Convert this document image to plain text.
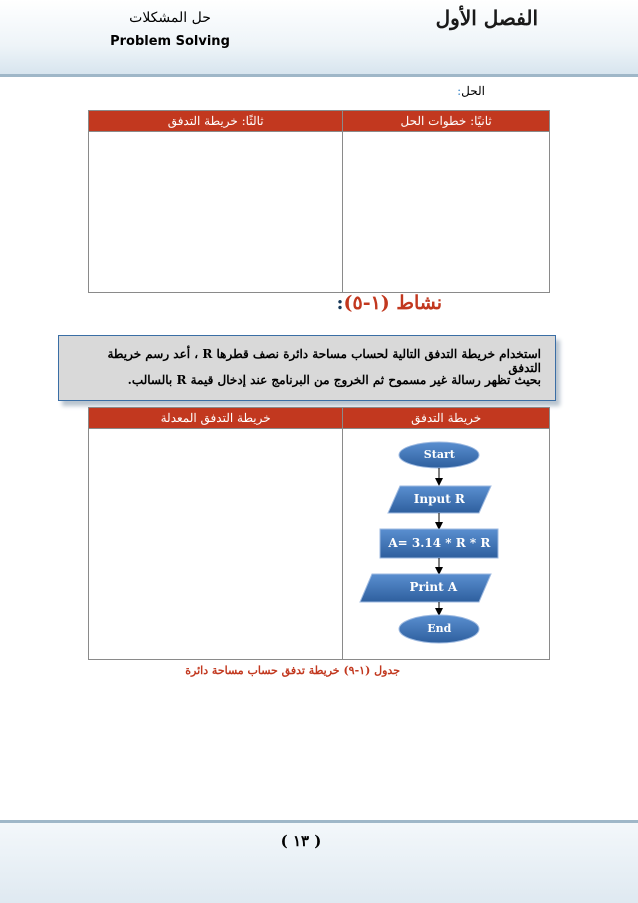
الفصل الأول
حل المشكلات
Problem Solving
الحل:
ثالثًا: خريطة التدفق	ثانيًا: خطوات الحل

نشاط (١-٥):
استخدام خريطة التدفق التالية لحساب مساحة دائرة نصف قطرها R ، أعد رسم خريطة التدفق
بحيث تظهر رسالة غير مسموح ثم الخروج من البرنامج عند إدخال قيمة R بالسالب.
خريطة التدفق المعدلة	خريطة التدفق

	Start
Input R
A= 3.14 * R * R
Print A
End
جدول (١-٩) خريطة تدفق حساب مساحة دائرة
( ١٣ )
